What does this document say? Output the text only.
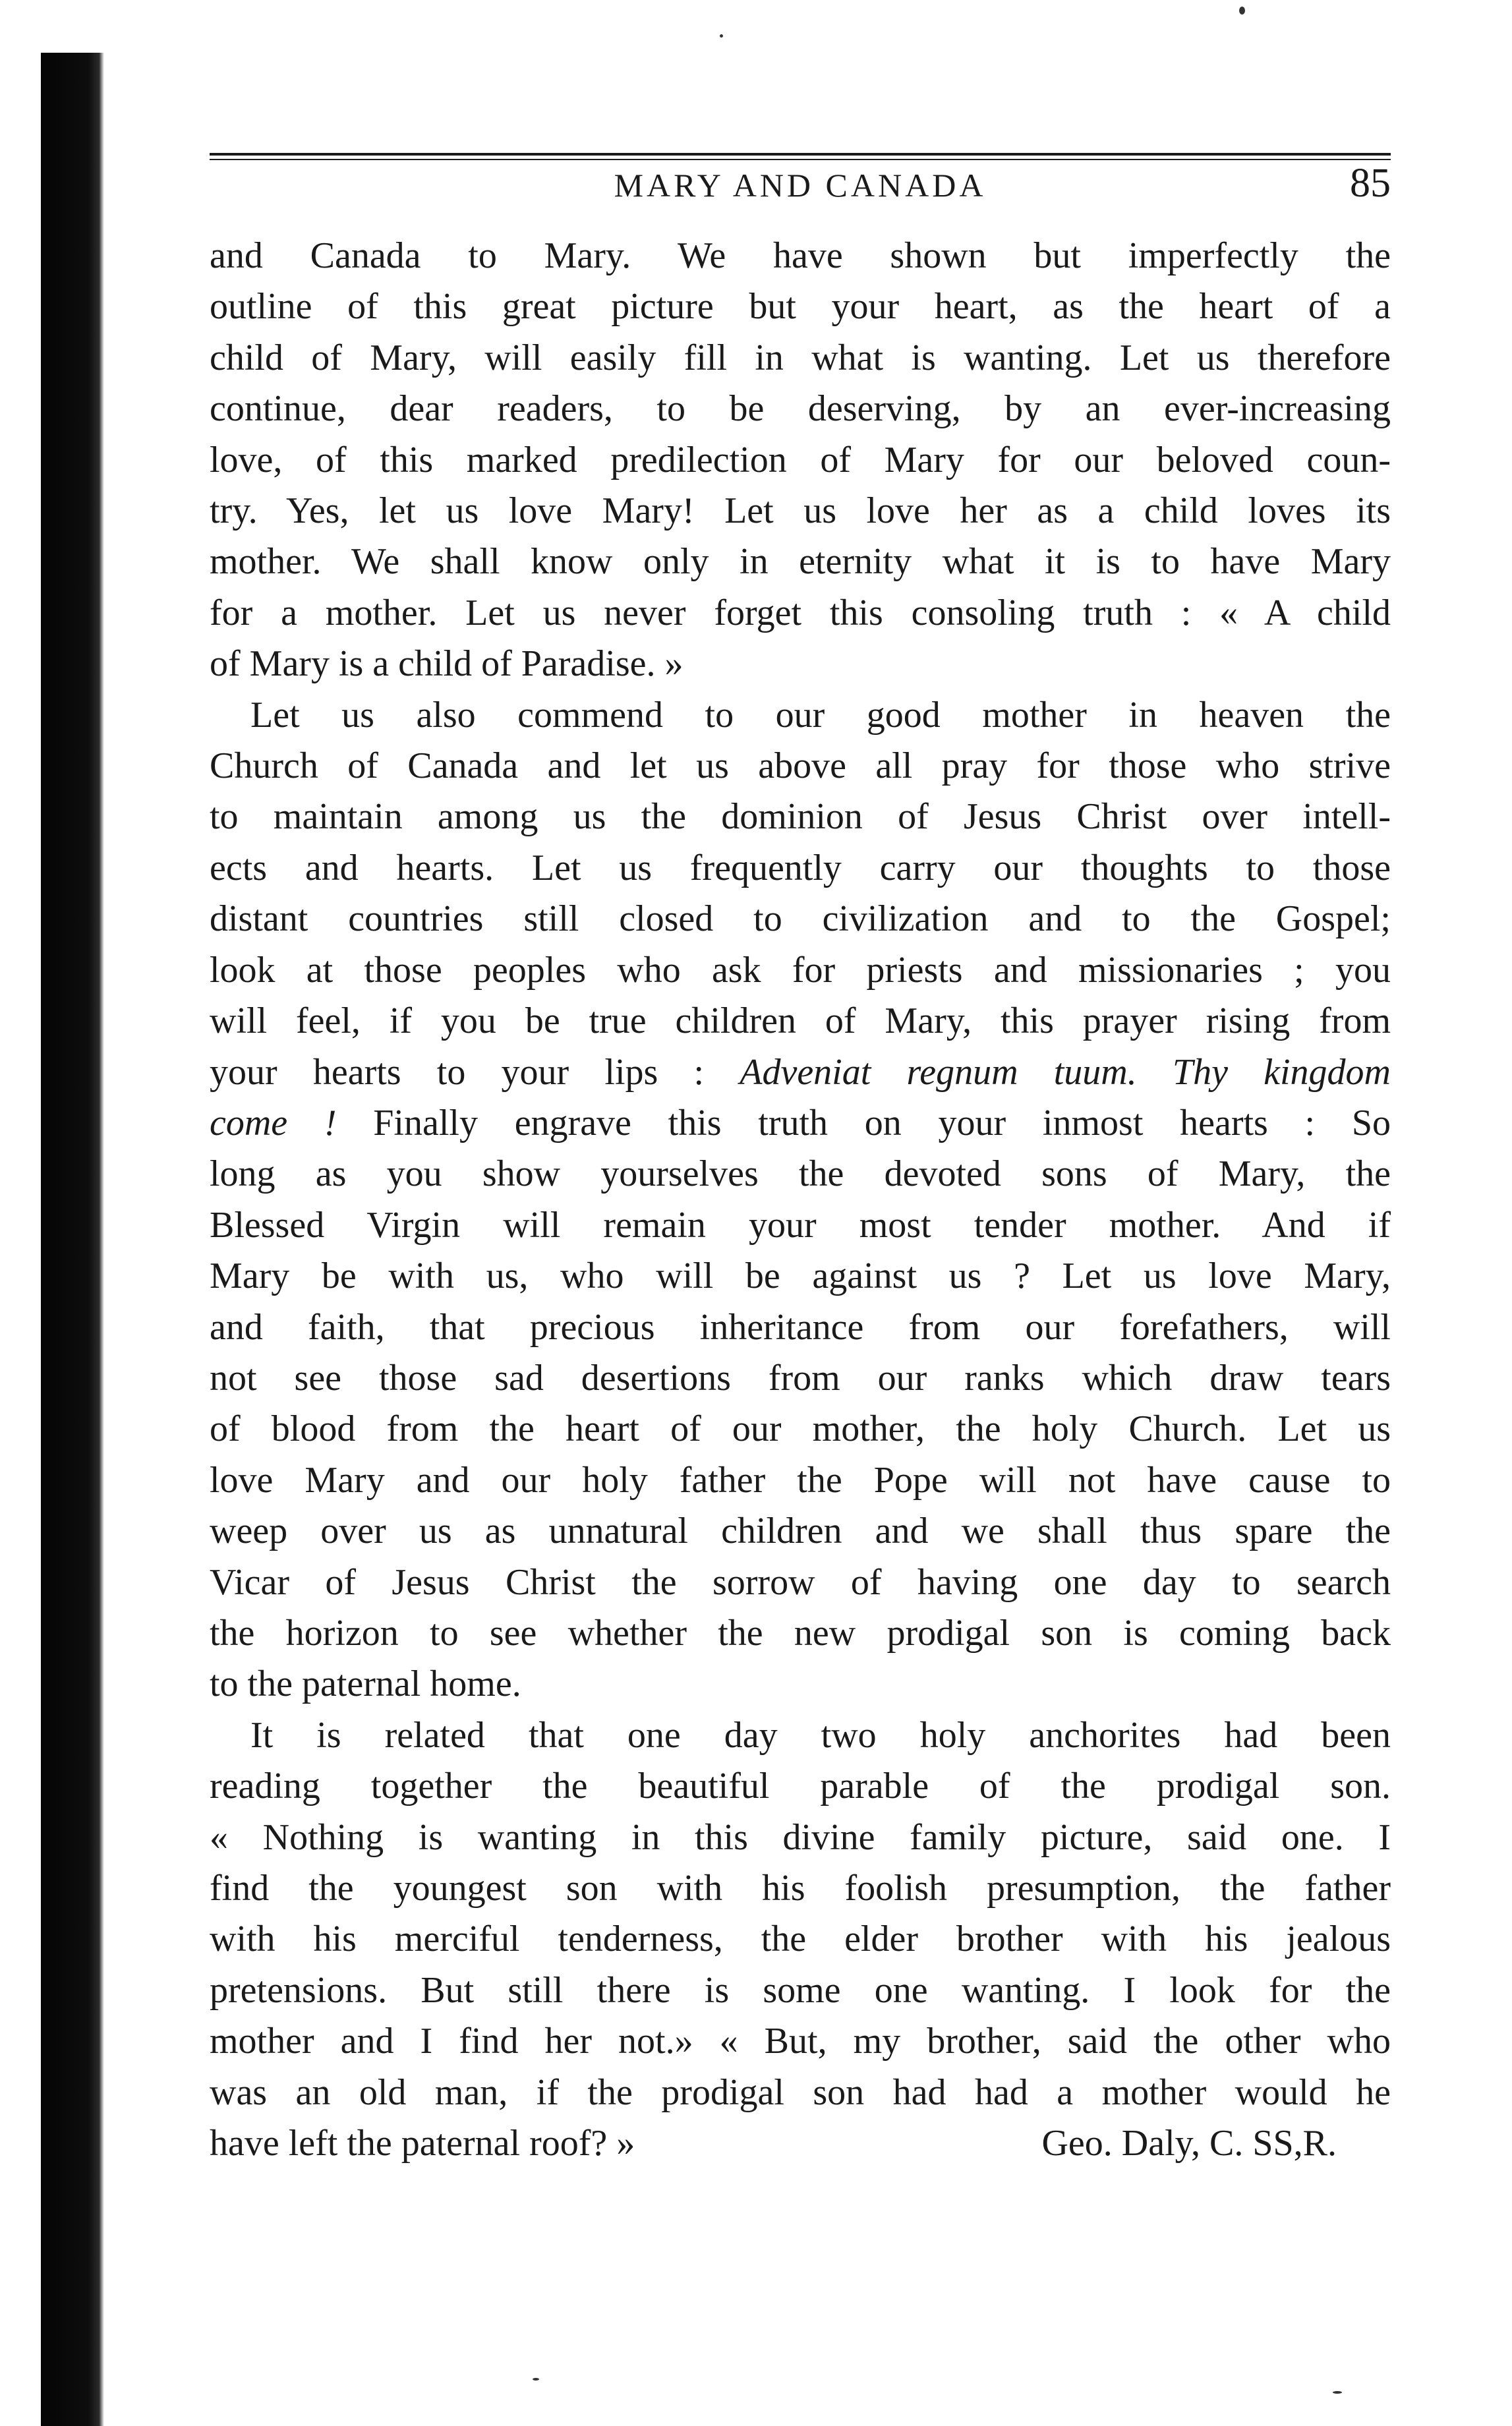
MARY AND CANADA	85

and Canada to Mary. We have shown but imperfectly the

outline of this great picture but your heart, as the heart of a

child of Mary, will easily fill in what is wanting. Let us therefore

continue, dear readers, to be deserving, by an ever-increasing

love, of this marked predilection of Mary for our beloved coun-

try. Yes, let us love Mary! Let us love her as a child loves its

mother. We shall know only in eternity what it is to have Mary

for a mother. Let us never forget this consoling truth : « A child

of Mary is a child of Paradise. »

Let us also commend to our good mother in heaven the

Church of Canada and let us above all pray for those who strive

to maintain among us the dominion of Jesus Christ over intell-

ects and hearts. Let us frequently carry our thoughts to those

distant countries still closed to civilization and to the Gospel;

look at those peoples who ask for priests and missionaries ; you

will feel, if you be true children of Mary, this prayer rising from

your hearts to your lips : Adveniat regnum tuum. Thy kingdom

come ! Finally engrave this truth on your inmost hearts : So

long as you show yourselves the devoted sons of Mary, the

Blessed Virgin will remain your most tender mother. And if

Mary be with us, who will be against us ? Let us love Mary,

and faith, that precious inheritance from our forefathers, will

not see those sad desertions from our ranks which draw tears

of blood from the heart of our mother, the holy Church. Let us

love Mary and our holy father the Pope will not have cause to

weep over us as unnatural children and we shall thus spare the

Vicar of Jesus Christ the sorrow of having one day to search

the horizon to see whether the new prodigal son is coming back

to the paternal home.

It is related that one day two holy anchorites had been

reading together the beautiful parable of the prodigal son.

« Nothing is wanting in this divine family picture, said one. I

find the youngest son with his foolish presumption, the father

with his merciful tenderness, the elder brother with his jealous

pretensions. But still there is some one wanting. I look for the

mother and I find her not.» « But, my brother, said the other who

was an old man, if the prodigal son had had a mother would he

have left the paternal roof? »	Geo. Daly, C. SS,R.
